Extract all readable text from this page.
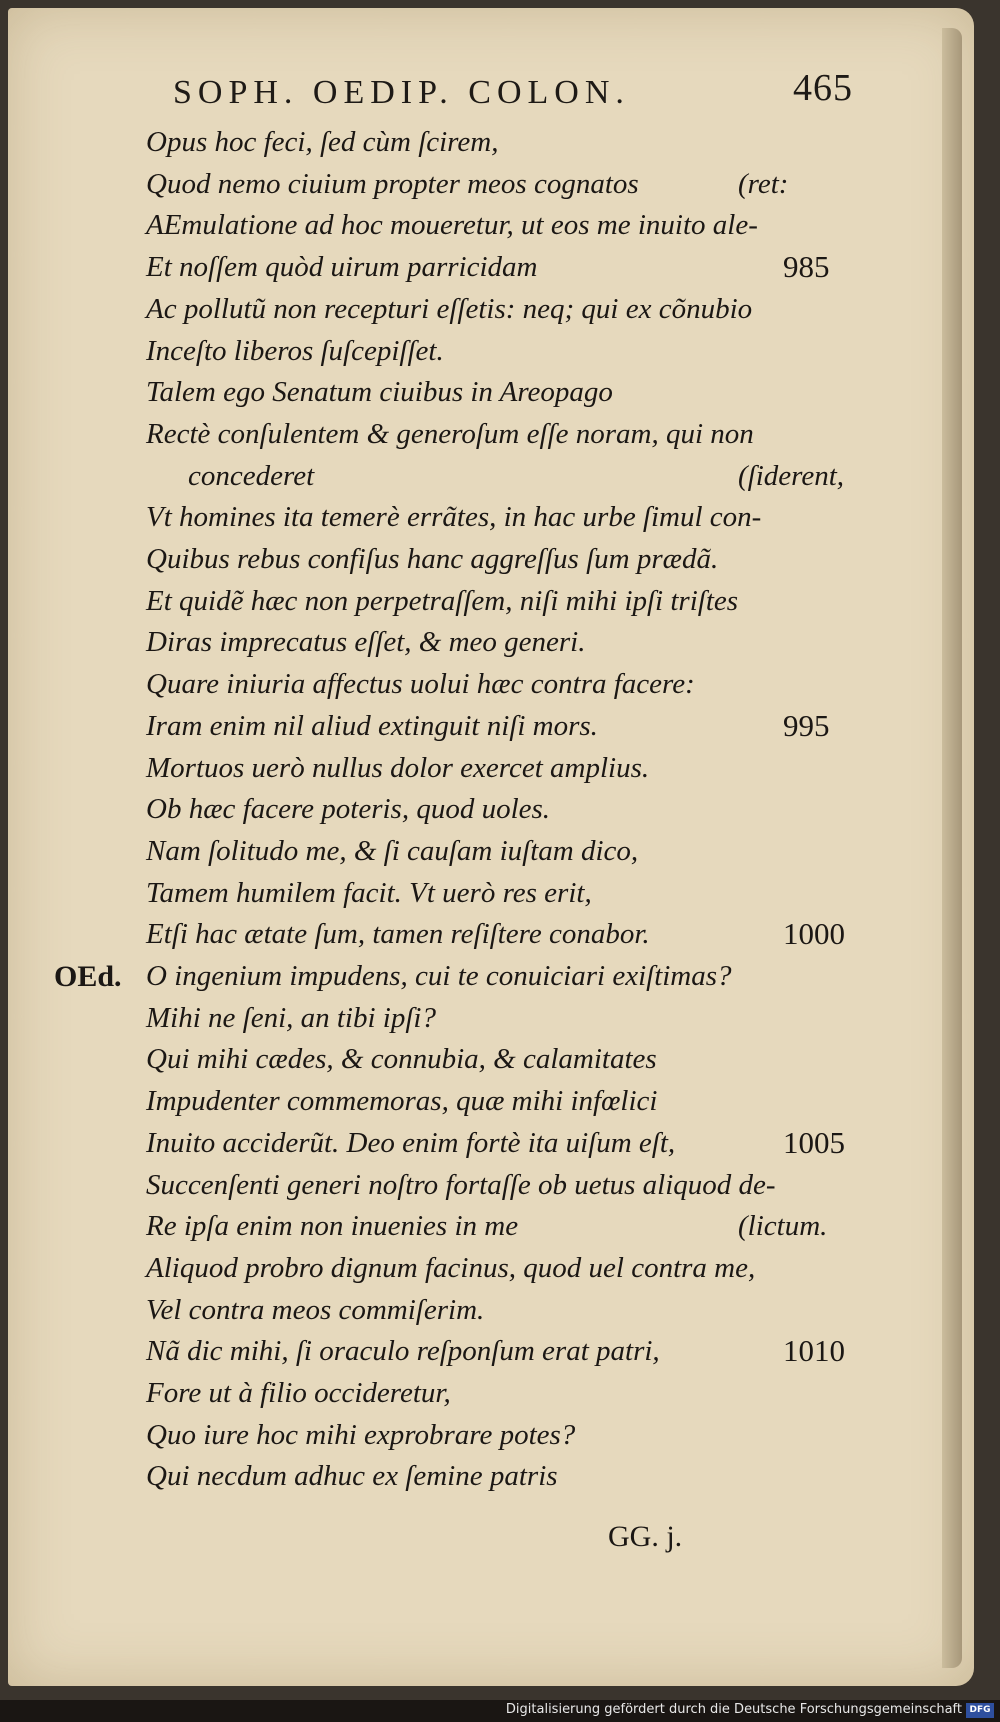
SOPH. OEDIP. COLON.	465
Opus hoc feci, ſed cùm ſcirem,
Quod nemo ciuium propter meos cognatos	(ret:
AEmulatione ad hoc moueretur, ut eos me inuito ale-
Et noſſem quòd uirum parricidam	985
Ac pollutũ non recepturi eſſetis: neq; qui ex cõnubio
Inceſto liberos ſuſcepiſſet.
Talem ego Senatum ciuibus in Areopago
Rectè conſulentem & generoſum eſſe noram, qui non
concederet	(ſiderent,
Vt homines ita temerè errãtes, in hac urbe ſimul con-
Quibus rebus confiſus hanc aggreſſus ſum prædã.
Et quidẽ hæc non perpetraſſem, niſi mihi ipſi triſtes
Diras imprecatus eſſet, & meo generi.
Quare iniuria affectus uolui hæc contra facere:
Iram enim nil aliud extinguit niſi mors.	995
Mortuos uerò nullus dolor exercet amplius.
Ob hæc facere poteris, quod uoles.
Nam ſolitudo me, & ſi cauſam iuſtam dico,
Tamem humilem facit. Vt uerò res erit,
Etſi hac ætate ſum, tamen reſiſtere conabor.	1000
OEd. O ingenium impudens, cui te conuiciari exiſtimas?
Mihi ne ſeni, an tibi ipſi?
Qui mihi cædes, & connubia, & calamitates
Impudenter commemoras, quæ mihi infœlici
Inuito acciderũt. Deo enim fortè ita uiſum eſt,	1005
Succenſenti generi noſtro fortaſſe ob uetus aliquod de-
Re ipſa enim non inuenies in me	(lictum.
Aliquod probro dignum facinus, quod uel contra me,
Vel contra meos commiſerim.
Nã dic mihi, ſi oraculo reſponſum erat patri,	1010
Fore ut à filio occideretur,
Quo iure hoc mihi exprobrare potes?
Qui necdum adhuc ex ſemine patris
GG. j.
Digitalisierung gefördert durch die Deutsche Forschungsgemeinschaft DFG
